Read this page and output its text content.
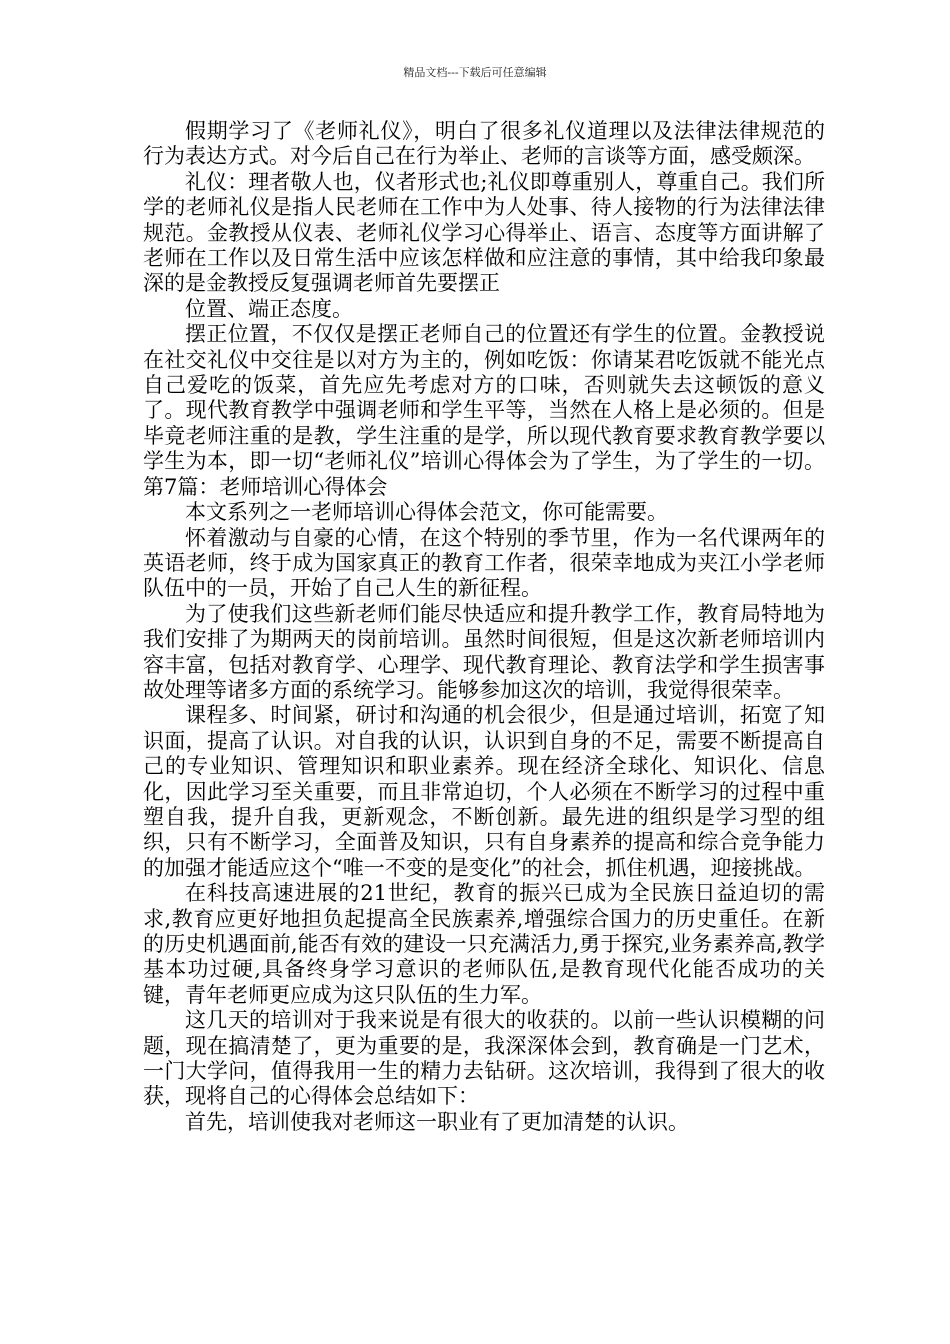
精品文档---下载后可任意编辑

假期学习了《老师礼仪》，明白了很多礼仪道理以及法律法律规范的行为表达方式。对今后自己在行为举止、老师的言谈等方面，感受颇深。

礼仪：理者敬人也，仪者形式也;礼仪即尊重别人，尊重自己。我们所学的老师礼仪是指人民老师在工作中为人处事、待人接物的行为法律法律规范。金教授从仪表、老师礼仪学习心得举止、语言、态度等方面讲解了老师在工作以及日常生活中应该怎样做和应注意的事情，其中给我印象最深的是金教授反复强调老师首先要摆正

位置、端正态度。

摆正位置，不仅仅是摆正老师自己的位置还有学生的位置。金教授说在社交礼仪中交往是以对方为主的，例如吃饭：你请某君吃饭就不能光点自己爱吃的饭菜，首先应先考虑对方的口味，否则就失去这顿饭的意义了。现代教育教学中强调老师和学生平等，当然在人格上是必须的。但是毕竟老师注重的是教，学生注重的是学，所以现代教育要求教育教学要以学生为本，即一切“老师礼仪”培训心得体会为了学生，为了学生的一切。第7篇：老师培训心得体会

本文系列之一老师培训心得体会范文，你可能需要。

怀着激动与自豪的心情，在这个特别的季节里，作为一名代课两年的英语老师，终于成为国家真正的教育工作者，很荣幸地成为夹江小学老师队伍中的一员，开始了自己人生的新征程。

为了使我们这些新老师们能尽快适应和提升教学工作，教育局特地为我们安排了为期两天的岗前培训。虽然时间很短，但是这次新老师培训内容丰富，包括对教育学、心理学、现代教育理论、教育法学和学生损害事故处理等诸多方面的系统学习。能够参加这次的培训，我觉得很荣幸。

课程多、时间紧，研讨和沟通的机会很少，但是通过培训，拓宽了知识面，提高了认识。对自我的认识，认识到自身的不足，需要不断提高自己的专业知识、管理知识和职业素养。现在经济全球化、知识化、信息化，因此学习至关重要，而且非常迫切，个人必须在不断学习的过程中重塑自我，提升自我，更新观念，不断创新。最先进的组织是学习型的组织，只有不断学习，全面普及知识，只有自身素养的提高和综合竞争能力的加强才能适应这个“唯一不变的是变化”的社会，抓住机遇，迎接挑战。

在科技高速进展的21世纪，教育的振兴已成为全民族日益迫切的需求,教育应更好地担负起提高全民族素养,增强综合国力的历史重任。在新的历史机遇面前,能否有效的建设一只充满活力,勇于探究,业务素养高,教学基本功过硬,具备终身学习意识的老师队伍,是教育现代化能否成功的关键，青年老师更应成为这只队伍的生力军。

这几天的培训对于我来说是有很大的收获的。以前一些认识模糊的问题，现在搞清楚了，更为重要的是，我深深体会到，教育确是一门艺术，一门大学问，值得我用一生的精力去钻研。这次培训，我得到了很大的收获，现将自己的心得体会总结如下：

首先，培训使我对老师这一职业有了更加清楚的认识。
